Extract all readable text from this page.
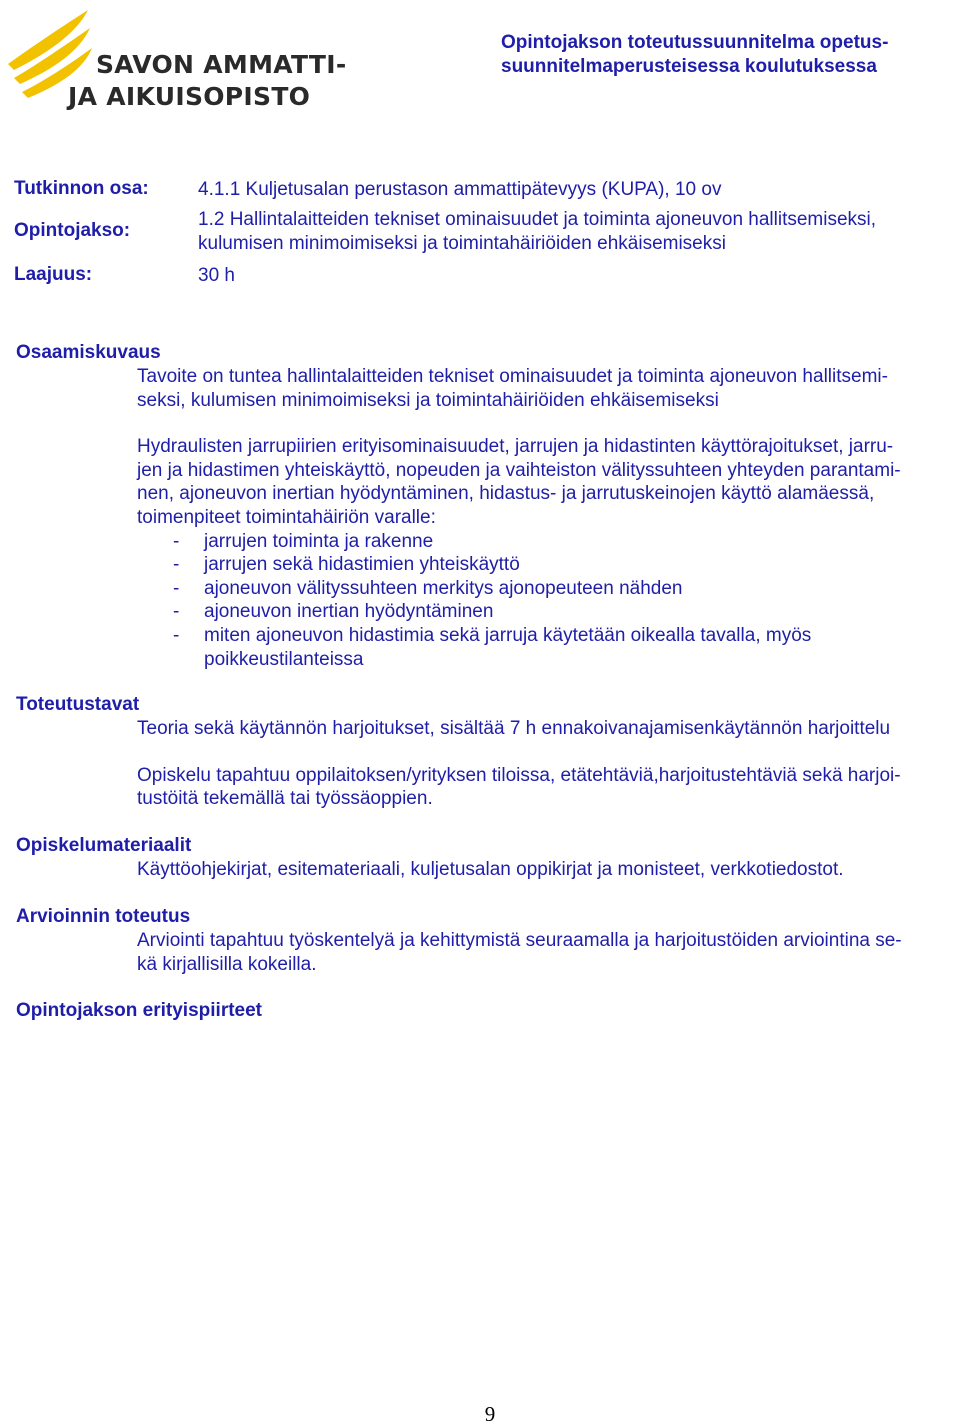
SAVON AMMATTI-
JA AIKUISOPISTO
Opintojakson toteutussuunnitelma opetus-
suunnitelmaperusteisessa koulutuksessa
Tutkinnon osa:	4.1.1 Kuljetusalan perustason ammattipätevyys (KUPA), 10 ov
Opintojakso:
1.2 Hallintalaitteiden tekniset ominaisuudet ja toiminta ajoneuvon hallitsemiseksi,
kulumisen minimoimiseksi ja toimintahäiriöiden ehkäisemiseksi
Laajuus:	30 h
Osaamiskuvaus
Tavoite on tuntea hallintalaitteiden tekniset ominaisuudet ja toiminta ajoneuvon hallitsemi-
seksi, kulumisen minimoimiseksi ja toimintahäiriöiden ehkäisemiseksi
Hydraulisten jarrupiirien erityisominaisuudet, jarrujen ja hidastinten käyttörajoitukset, jarru-
jen ja hidastimen yhteiskäyttö, nopeuden ja vaihteiston välityssuhteen yhteyden parantami-
nen, ajoneuvon inertian hyödyntäminen, hidastus- ja jarrutuskeinojen käyttö alamäessä,
toimenpiteet toimintahäiriön varalle:
- jarrujen toiminta ja rakenne
- jarrujen sekä hidastimien yhteiskäyttö
- ajoneuvon välityssuhteen merkitys ajonopeuteen nähden
- ajoneuvon inertian hyödyntäminen
- miten ajoneuvon hidastimia sekä jarruja käytetään oikealla tavalla, myös
poikkeustilanteissa
Toteutustavat
Teoria sekä käytännön harjoitukset, sisältää 7 h ennakoivanajamisenkäytännön harjoittelu
Opiskelu tapahtuu oppilaitoksen/yrityksen tiloissa, etätehtäviä,harjoitustehtäviä sekä harjoi-
tustöitä tekemällä tai työssäoppien.
Opiskelumateriaalit
Käyttöohjekirjat, esitemateriaali, kuljetusalan oppikirjat ja monisteet, verkkotiedostot.
Arvioinnin toteutus
Arviointi tapahtuu työskentelyä ja kehittymistä seuraamalla ja harjoitustöiden arviointina se-
kä kirjallisilla kokeilla.
Opintojakson erityispiirteet
9
